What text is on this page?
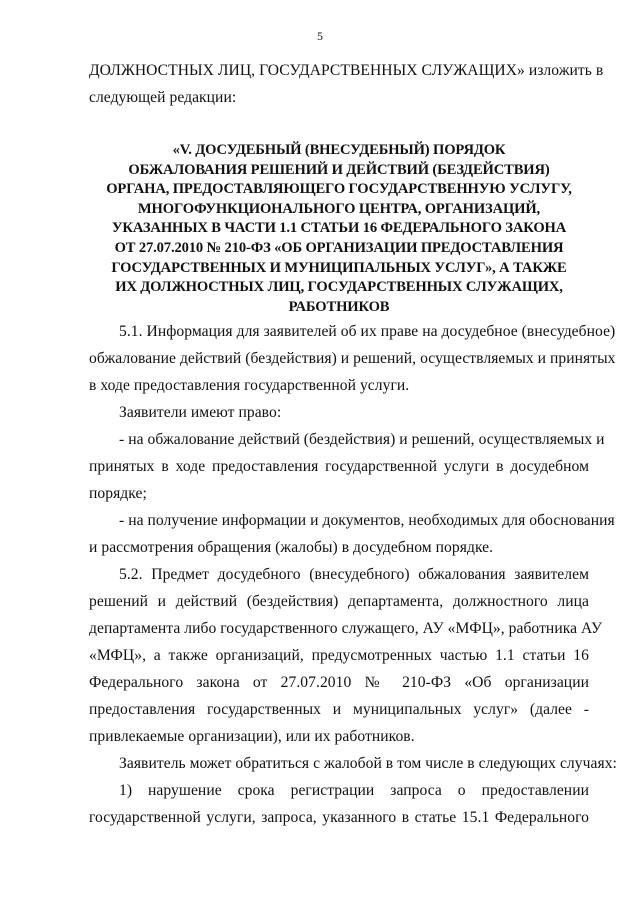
5
ДОЛЖНОСТНЫХ ЛИЦ, ГОСУДАРСТВЕННЫХ СЛУЖАЩИХ» изложить в
следующей редакции:
«V. ДОСУДЕБНЫЙ (ВНЕСУДЕБНЫЙ) ПОРЯДОК
ОБЖАЛОВАНИЯ РЕШЕНИЙ И ДЕЙСТВИЙ (БЕЗДЕЙСТВИЯ)
ОРГАНА, ПРЕДОСТАВЛЯЮЩЕГО ГОСУДАРСТВЕННУЮ УСЛУГУ,
МНОГОФУНКЦИОНАЛЬНОГО ЦЕНТРА, ОРГАНИЗАЦИЙ,
УКАЗАННЫХ В ЧАСТИ 1.1 СТАТЬИ 16 ФЕДЕРАЛЬНОГО ЗАКОНА
ОТ 27.07.2010 № 210-ФЗ «ОБ ОРГАНИЗАЦИИ ПРЕДОСТАВЛЕНИЯ
ГОСУДАРСТВЕННЫХ И МУНИЦИПАЛЬНЫХ УСЛУГ», А ТАКЖЕ
ИХ ДОЛЖНОСТНЫХ ЛИЦ, ГОСУДАРСТВЕННЫХ СЛУЖАЩИХ,
РАБОТНИКОВ
5.1. Информация для заявителей об их праве на досудебное (внесудебное)
обжалование действий (бездействия) и решений, осуществляемых и принятых
в ходе предоставления государственной услуги.
Заявители имеют право:
- на обжалование действий (бездействия) и решений, осуществляемых и
принятых в ходе предоставления государственной услуги в досудебном
порядке;
- на получение информации и документов, необходимых для обоснования
и рассмотрения обращения (жалобы) в досудебном порядке.
5.2. Предмет досудебного (внесудебного) обжалования заявителем
решений и действий (бездействия) департамента, должностного лица
департамента либо государственного служащего, АУ «МФЦ», работника АУ
«МФЦ», а также организаций, предусмотренных частью 1.1 статьи 16
Федерального закона от 27.07.2010 № 210-ФЗ «Об организации
предоставления государственных и муниципальных услуг» (далее -
привлекаемые организации), или их работников.
Заявитель может обратиться с жалобой в том числе в следующих случаях:
1) нарушение срока регистрации запроса о предоставлении
государственной услуги, запроса, указанного в статье 15.1 Федерального
